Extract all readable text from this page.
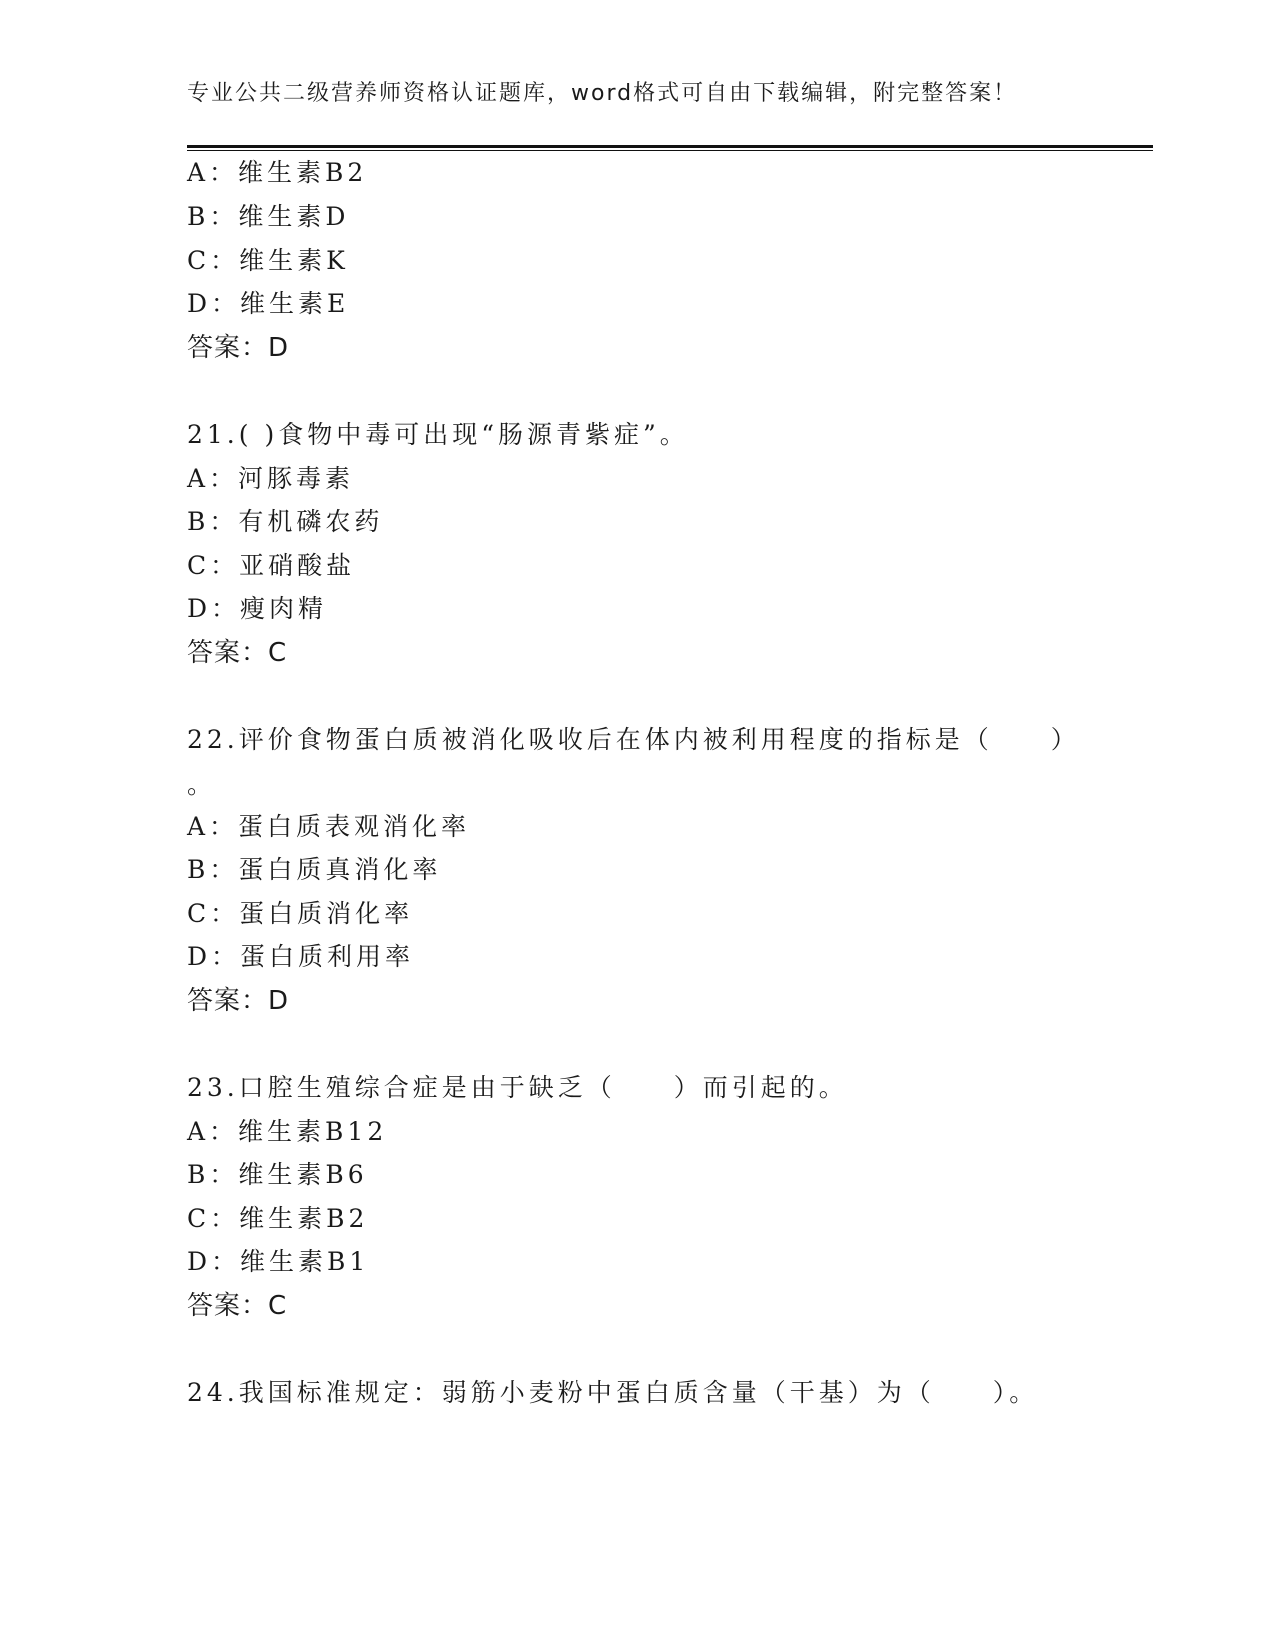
专业公共二级营养师资格认证题库，word格式可自由下载编辑，附完整答案！
A：维生素B2
B：维生素D
C：维生素K
D：维生素E
答案：D
21.( )食物中毒可出现“肠源青紫症”。
A：河豚毒素
B：有机磷农药
C：亚硝酸盐
D：瘦肉精
答案：C
22.评价食物蛋白质被消化吸收后在体内被利用程度的指标是（　　）
。
A：蛋白质表观消化率
B：蛋白质真消化率
C：蛋白质消化率
D：蛋白质利用率
答案：D
23.口腔生殖综合症是由于缺乏（　　）而引起的。
A：维生素B12
B：维生素B6
C：维生素B2
D：维生素B1
答案：C
24.我国标准规定：弱筋小麦粉中蛋白质含量（干基）为（　　）。
